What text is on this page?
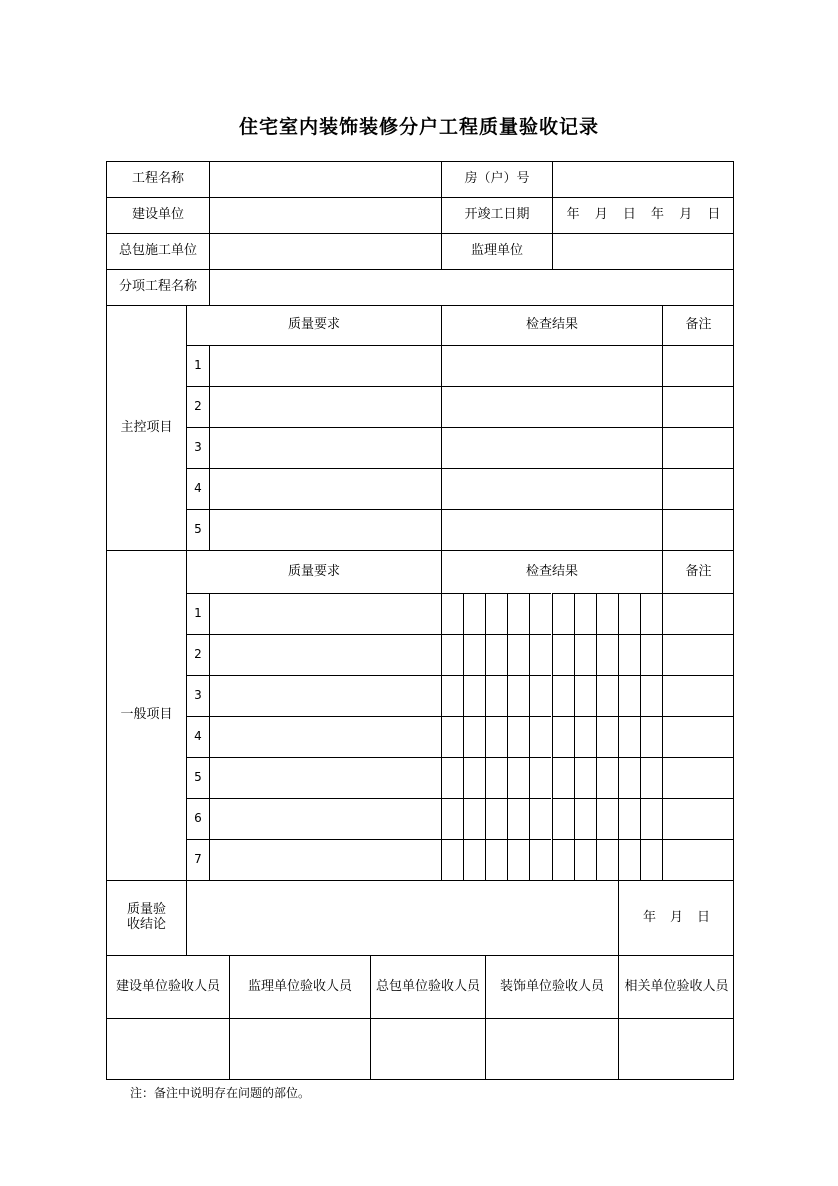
住宅室内装饰装修分户工程质量验收记录
工程名称	房（户）号
建设单位	开竣工日期	年 月 日 年 月 日
总包施工单位	监理单位
分项工程名称
主控项目
质量要求	检查结果	备注
1
2
3
4
5
一般项目
质量要求	检查结果	备注
1
2
3
4
5
6
7
质量验收结论	年 月 日
建设单位验收人员	监理单位验收人员	总包单位验收人员	装饰单位验收人员	相关单位验收人员
注：备注中说明存在问题的部位。
